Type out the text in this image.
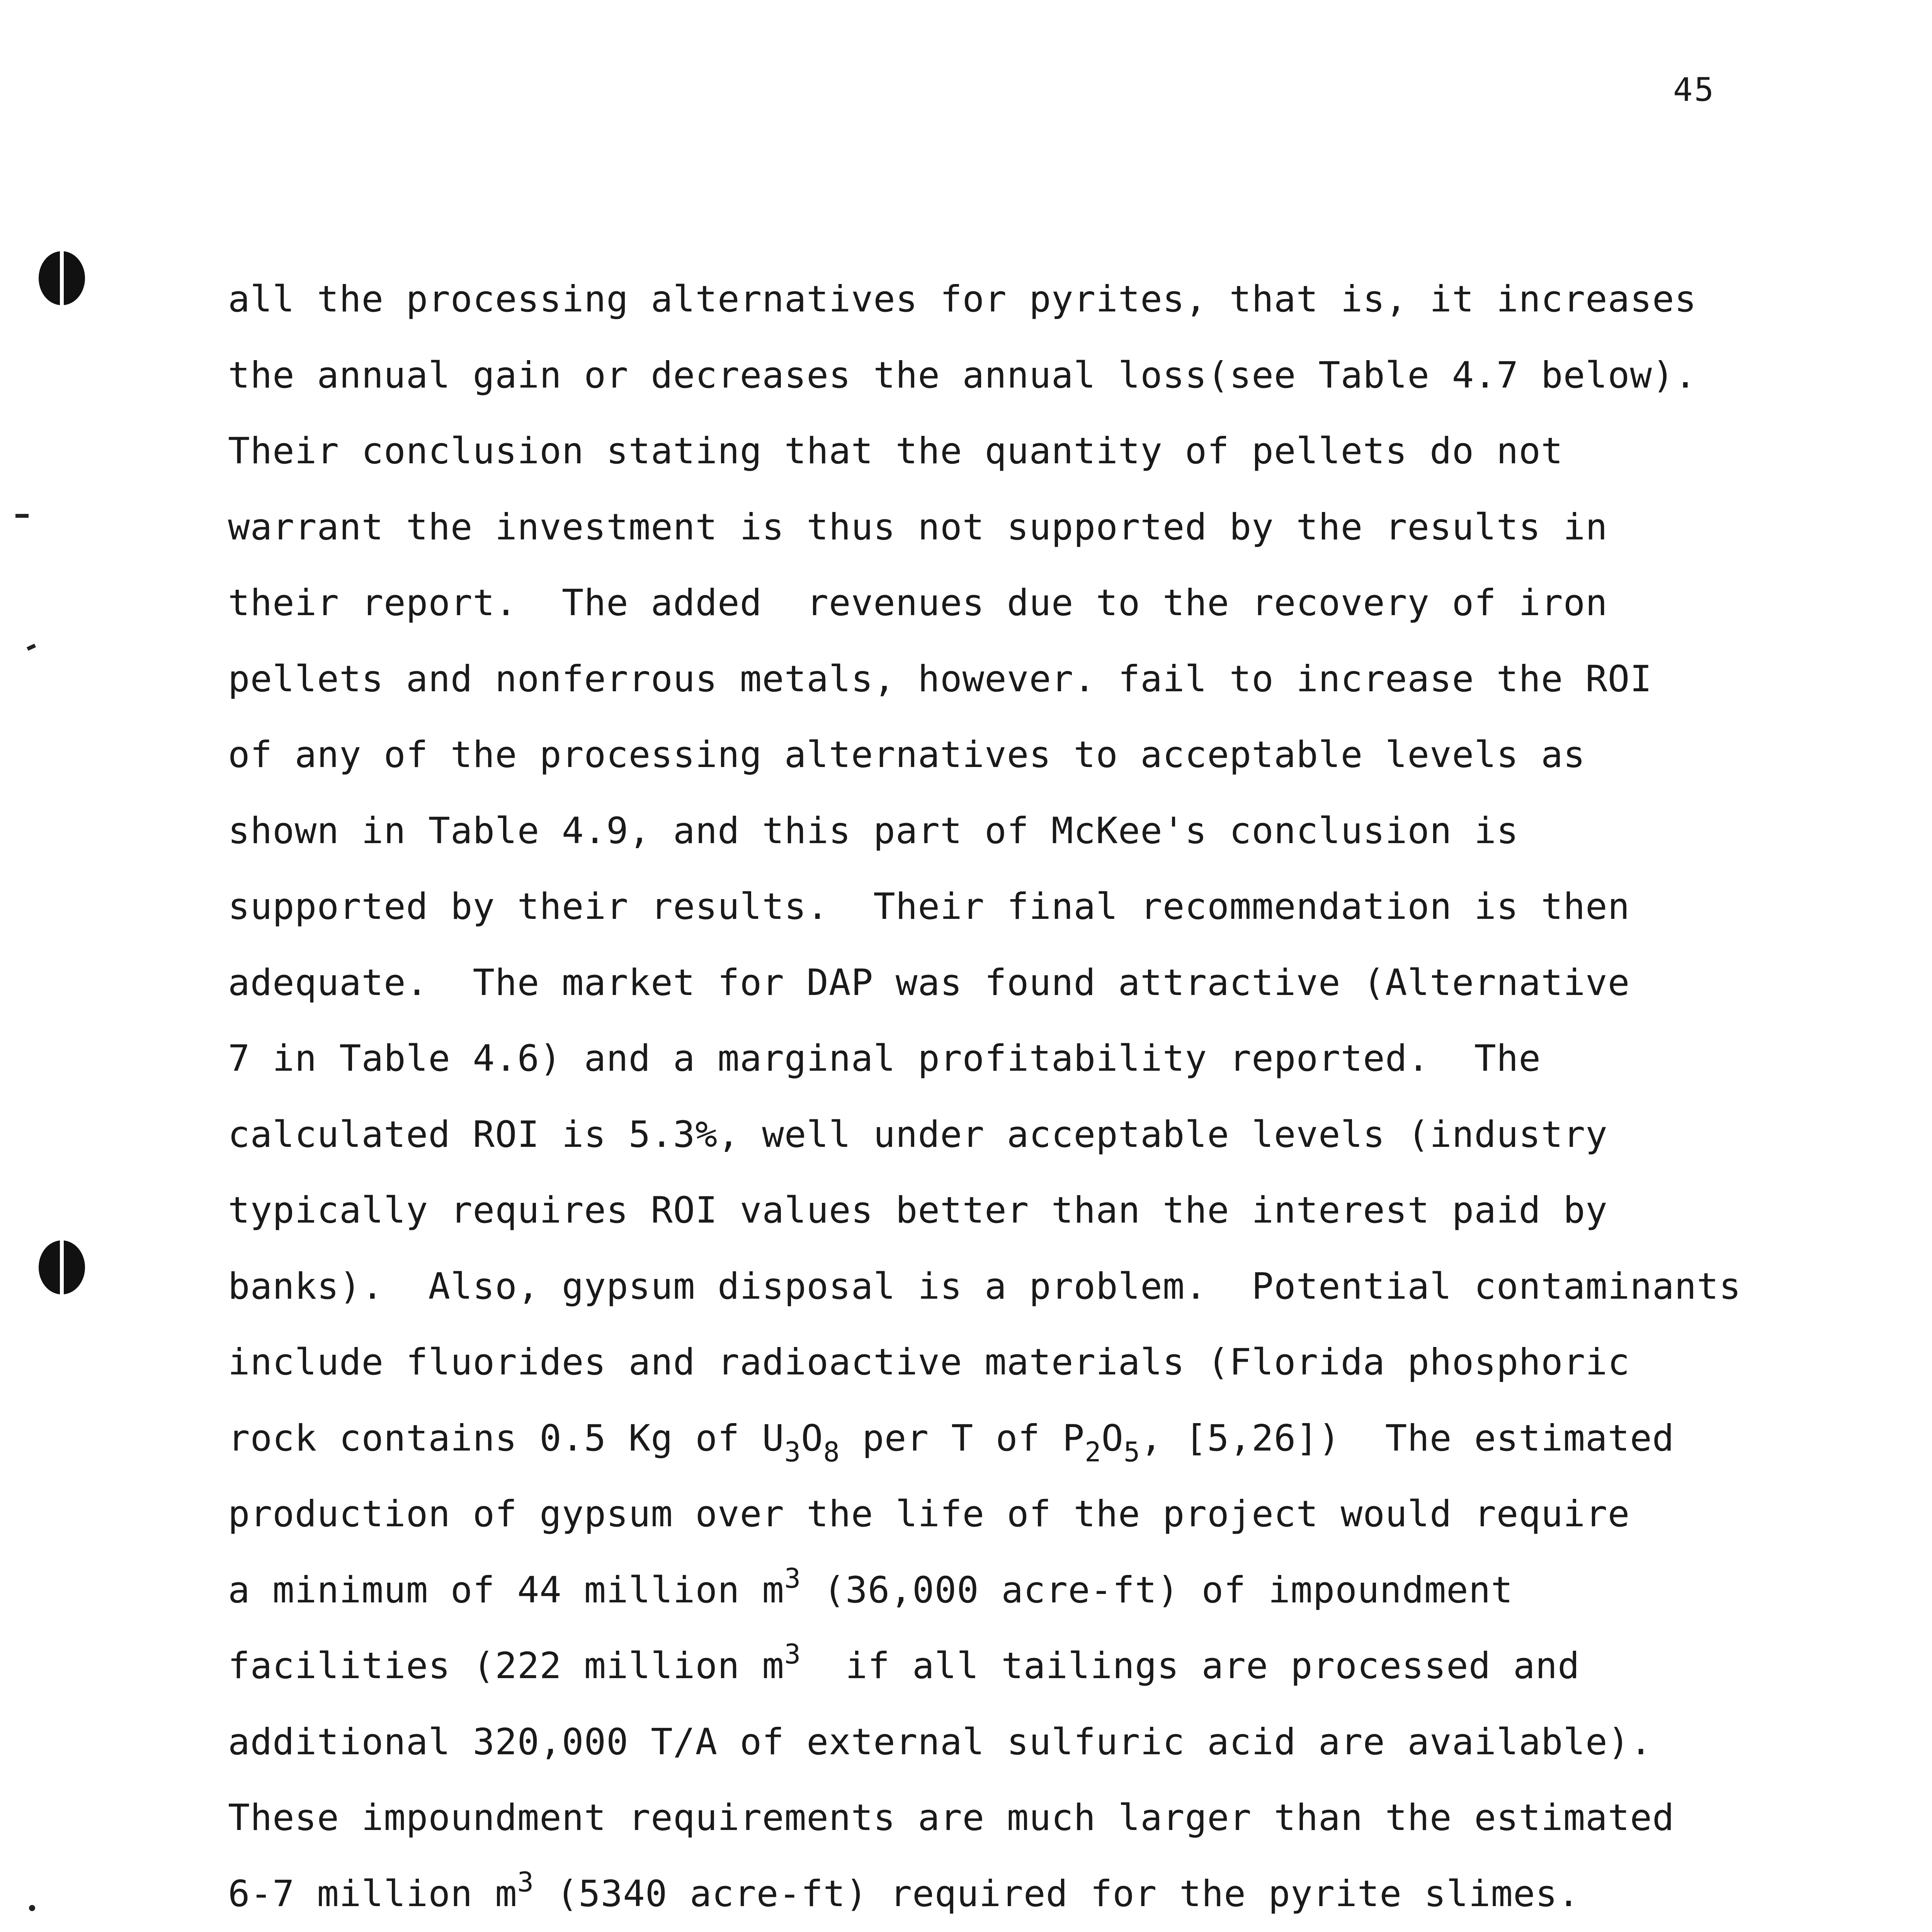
45
all the processing alternatives for pyrites, that is, it increases
the annual gain or decreases the annual loss(see Table 4.7 below).
Their conclusion stating that the quantity of pellets do not
warrant the investment is thus not supported by the results in
their report.  The added  revenues due to the recovery of iron
pellets and nonferrous metals, however. fail to increase the ROI
of any of the processing alternatives to acceptable levels as
shown in Table 4.9, and this part of McKee's conclusion is
supported by their results.  Their final recommendation is then
adequate.  The market for DAP was found attractive (Alternative
7 in Table 4.6) and a marginal profitability reported.  The
calculated ROI is 5.3%, well under acceptable levels (industry
typically requires ROI values better than the interest paid by
banks).  Also, gypsum disposal is a problem.  Potential contaminants
include fluorides and radioactive materials (Florida phosphoric
rock contains 0.5 Kg of $U_3O_8$ per T of $P_2O_5$, [5,26])  The estimated
production of gypsum over the life of the project would require
a minimum of 44 million $m^3$ (36,000 acre-ft) of impoundment
facilities (222 million $m^3$  if all tailings are processed and
additional 320,000 T/A of external sulfuric acid are available).
These impoundment requirements are much larger than the estimated
6-7 million $m^3$ (5340 acre-ft) required for the pyrite slimes.
